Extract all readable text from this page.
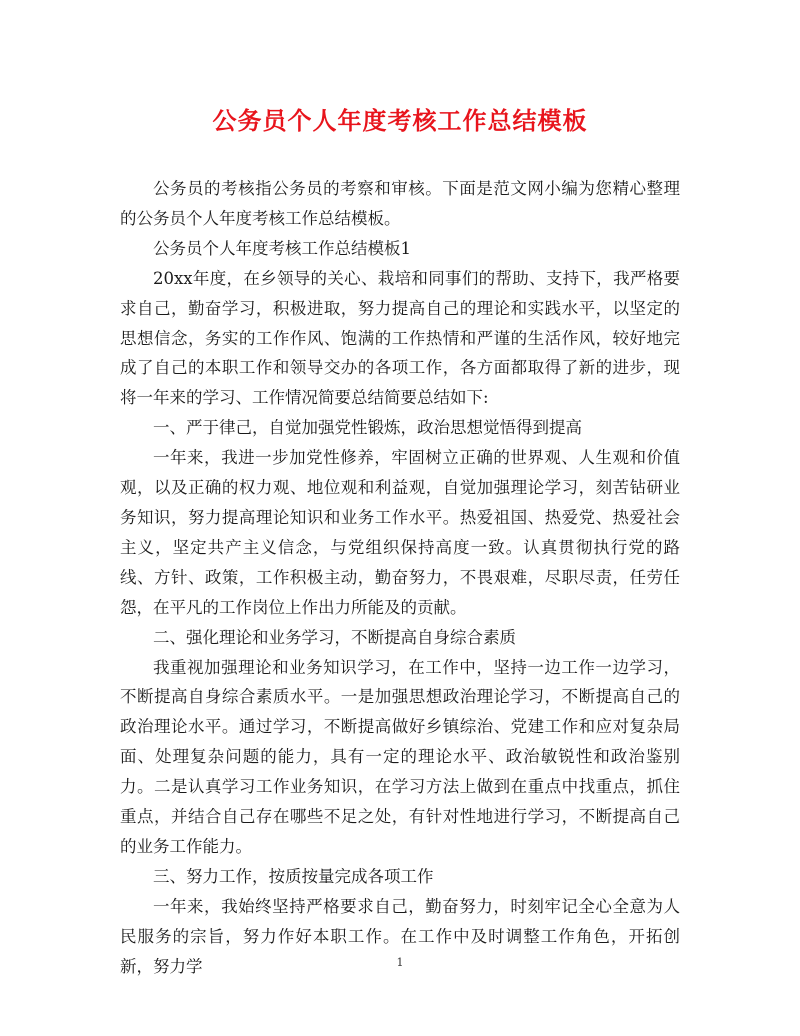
公务员个人年度考核工作总结模板

公务员的考核指公务员的考察和审核。下面是范文网小编为您精心整理的公务员个人年度考核工作总结模板。

公务员个人年度考核工作总结模板1

20xx年度，在乡领导的关心、栽培和同事们的帮助、支持下，我严格要求自己，勤奋学习，积极进取，努力提高自己的理论和实践水平，以坚定的思想信念，务实的工作作风、饱满的工作热情和严谨的生活作风，较好地完成了自己的本职工作和领导交办的各项工作，各方面都取得了新的进步，现将一年来的学习、工作情况简要总结简要总结如下:

一、严于律己，自觉加强党性锻炼，政治思想觉悟得到提高

一年来，我进一步加党性修养，牢固树立正确的世界观、人生观和价值观，以及正确的权力观、地位观和利益观，自觉加强理论学习，刻苦钻研业务知识，努力提高理论知识和业务工作水平。热爱祖国、热爱党、热爱社会主义，坚定共产主义信念，与党组织保持高度一致。认真贯彻执行党的路线、方针、政策，工作积极主动，勤奋努力，不畏艰难，尽职尽责，任劳任怨，在平凡的工作岗位上作出力所能及的贡献。

二、强化理论和业务学习，不断提高自身综合素质

我重视加强理论和业务知识学习，在工作中，坚持一边工作一边学习，不断提高自身综合素质水平。一是加强思想政治理论学习，不断提高自己的政治理论水平。通过学习，不断提高做好乡镇综治、党建工作和应对复杂局面、处理复杂问题的能力，具有一定的理论水平、政治敏锐性和政治鉴别力。二是认真学习工作业务知识，在学习方法上做到在重点中找重点，抓住重点，并结合自己存在哪些不足之处，有针对性地进行学习，不断提高自己的业务工作能力。

三、努力工作，按质按量完成各项工作

一年来，我始终坚持严格要求自己，勤奋努力，时刻牢记全心全意为人民服务的宗旨，努力作好本职工作。在工作中及时调整工作角色，开拓创新，努力学	1
